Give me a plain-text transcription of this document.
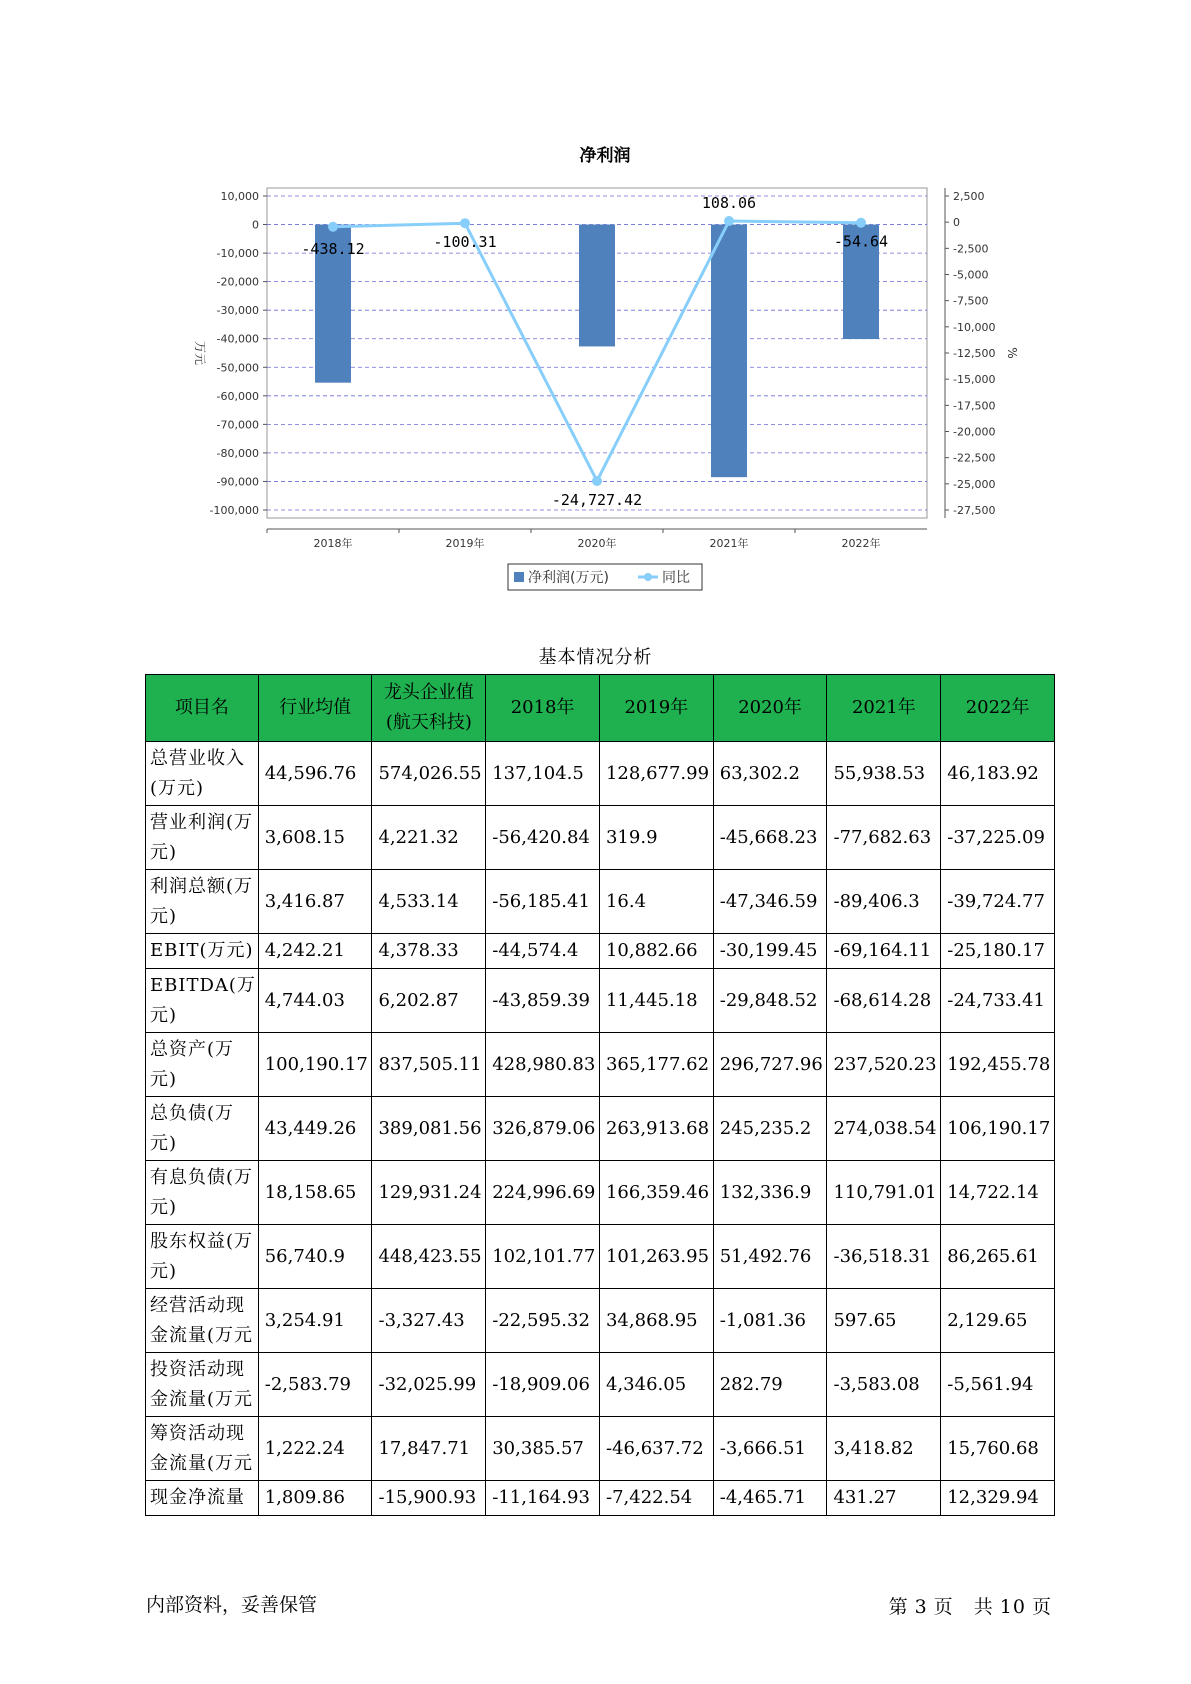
净利润
10,000
0
-10,000
-20,000
-30,000
-40,000
-50,000
-60,000
-70,000
-80,000
-90,000
-100,000
2,500
0
-2,500
-5,000
-7,500
-10,000
-12,500
-15,000
-17,500
-20,000
-22,500
-25,000
-27,500
万元	%
2018年	2019年	2020年	2021年	2022年
-438.12	-100.31
-24,727.42
108.06
-54.64
净利润(万元)	同比
基本情况分析
项目名	行业均值	龙头企业值(航天科技)	2018年	2019年	2020年	2021年	2022年
总营业收入(万元)	44,596.76	574,026.55	137,104.5	128,677.99	63,302.2	55,938.53	46,183.92
营业利润(万元)	3,608.15	4,221.32	-56,420.84	319.9	-45,668.23	-77,682.63	-37,225.09
利润总额(万元)	3,416.87	4,533.14	-56,185.41	16.4	-47,346.59	-89,406.3	-39,724.77
EBIT(万元)	4,242.21	4,378.33	-44,574.4	10,882.66	-30,199.45	-69,164.11	-25,180.17
EBITDA(万元)	4,744.03	6,202.87	-43,859.39	11,445.18	-29,848.52	-68,614.28	-24,733.41
总资产(万元)	100,190.17	837,505.11	428,980.83	365,177.62	296,727.96	237,520.23	192,455.78
总负债(万元)	43,449.26	389,081.56	326,879.06	263,913.68	245,235.2	274,038.54	106,190.17
有息负债(万元)	18,158.65	129,931.24	224,996.69	166,359.46	132,336.9	110,791.01	14,722.14
股东权益(万元)	56,740.9	448,423.55	102,101.77	101,263.95	51,492.76	-36,518.31	86,265.61
经营活动现金流量(万元	3,254.91	-3,327.43	-22,595.32	34,868.95	-1,081.36	597.65	2,129.65
投资活动现金流量(万元	-2,583.79	-32,025.99	-18,909.06	4,346.05	282.79	-3,583.08	-5,561.94
筹资活动现金流量(万元	1,222.24	17,847.71	30,385.57	-46,637.72	-3,666.51	3,418.82	15,760.68
现金净流量	1,809.86	-15,900.93	-11,164.93	-7,422.54	-4,465.71	431.27	12,329.94
内部资料，妥善保管	第 3 页 共 10 页
